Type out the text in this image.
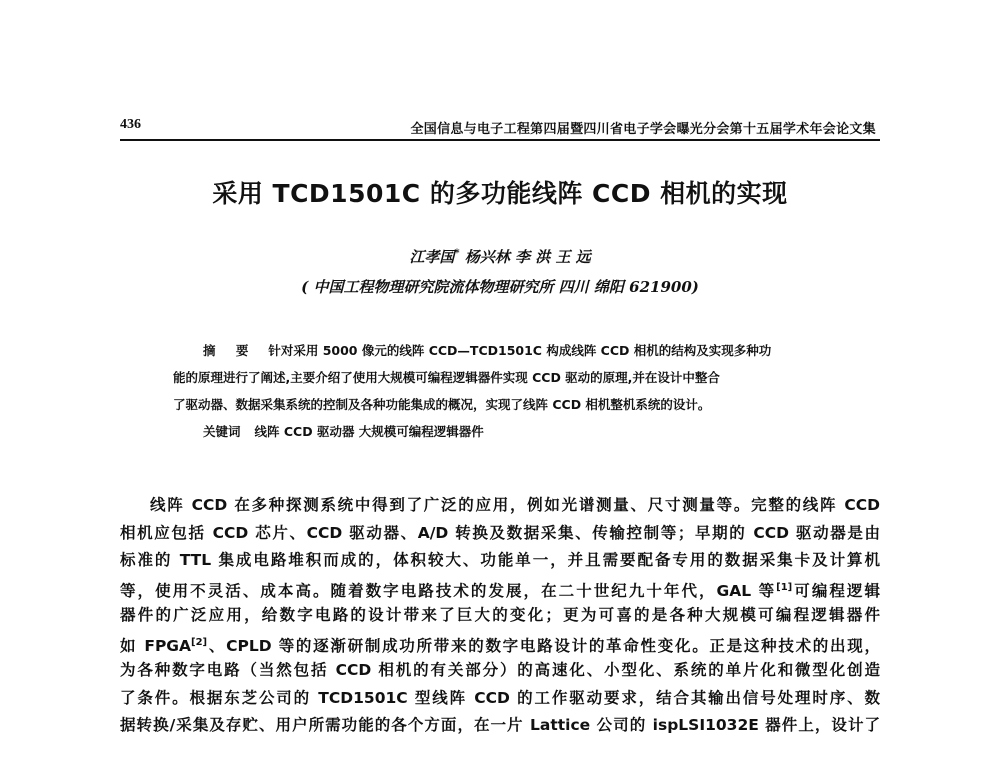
436	全国信息与电子工程第四届暨四川省电子学会曝光分会第十五届学术年会论文集
采用 TCD1501C 的多功能线阵 CCD 相机的实现
江孝国* 杨兴林 李 洪 王 远
( 中国工程物理研究院流体物理研究所 四川 绵阳 621900)
摘 要 针对采用 5000 像元的线阵 CCD—TCD1501C 构成线阵 CCD 相机的结构及实现多种功
能的原理进行了阐述,主要介绍了使用大规模可编程逻辑器件实现 CCD 驱动的原理,并在设计中整合
了驱动器、数据采集系统的控制及各种功能集成的概况，实现了线阵 CCD 相机整机系统的设计。
关键词 线阵 CCD 驱动器 大规模可编程逻辑器件
线阵 CCD 在多种探测系统中得到了广泛的应用，例如光谱测量、尺寸测量等。完整的线阵 CCD
相机应包括 CCD 芯片、CCD 驱动器、A/D 转换及数据采集、传输控制等；早期的 CCD 驱动器是由
标准的 TTL 集成电路堆积而成的，体积较大、功能单一，并且需要配备专用的数据采集卡及计算机
等，使用不灵活、成本高。随着数字电路技术的发展，在二十世纪九十年代，GAL 等[1]可编程逻辑
器件的广泛应用，给数字电路的设计带来了巨大的变化；更为可喜的是各种大规模可编程逻辑器件
如 FPGA[2]、CPLD 等的逐渐研制成功所带来的数字电路设计的革命性变化。正是这种技术的出现，
为各种数字电路（当然包括 CCD 相机的有关部分）的高速化、小型化、系统的单片化和微型化创造
了条件。根据东芝公司的 TCD1501C 型线阵 CCD 的工作驱动要求，结合其输出信号处理时序、数
据转换/采集及存贮、用户所需功能的各个方面，在一片 Lattice 公司的 ispLSI1032E 器件上，设计了
